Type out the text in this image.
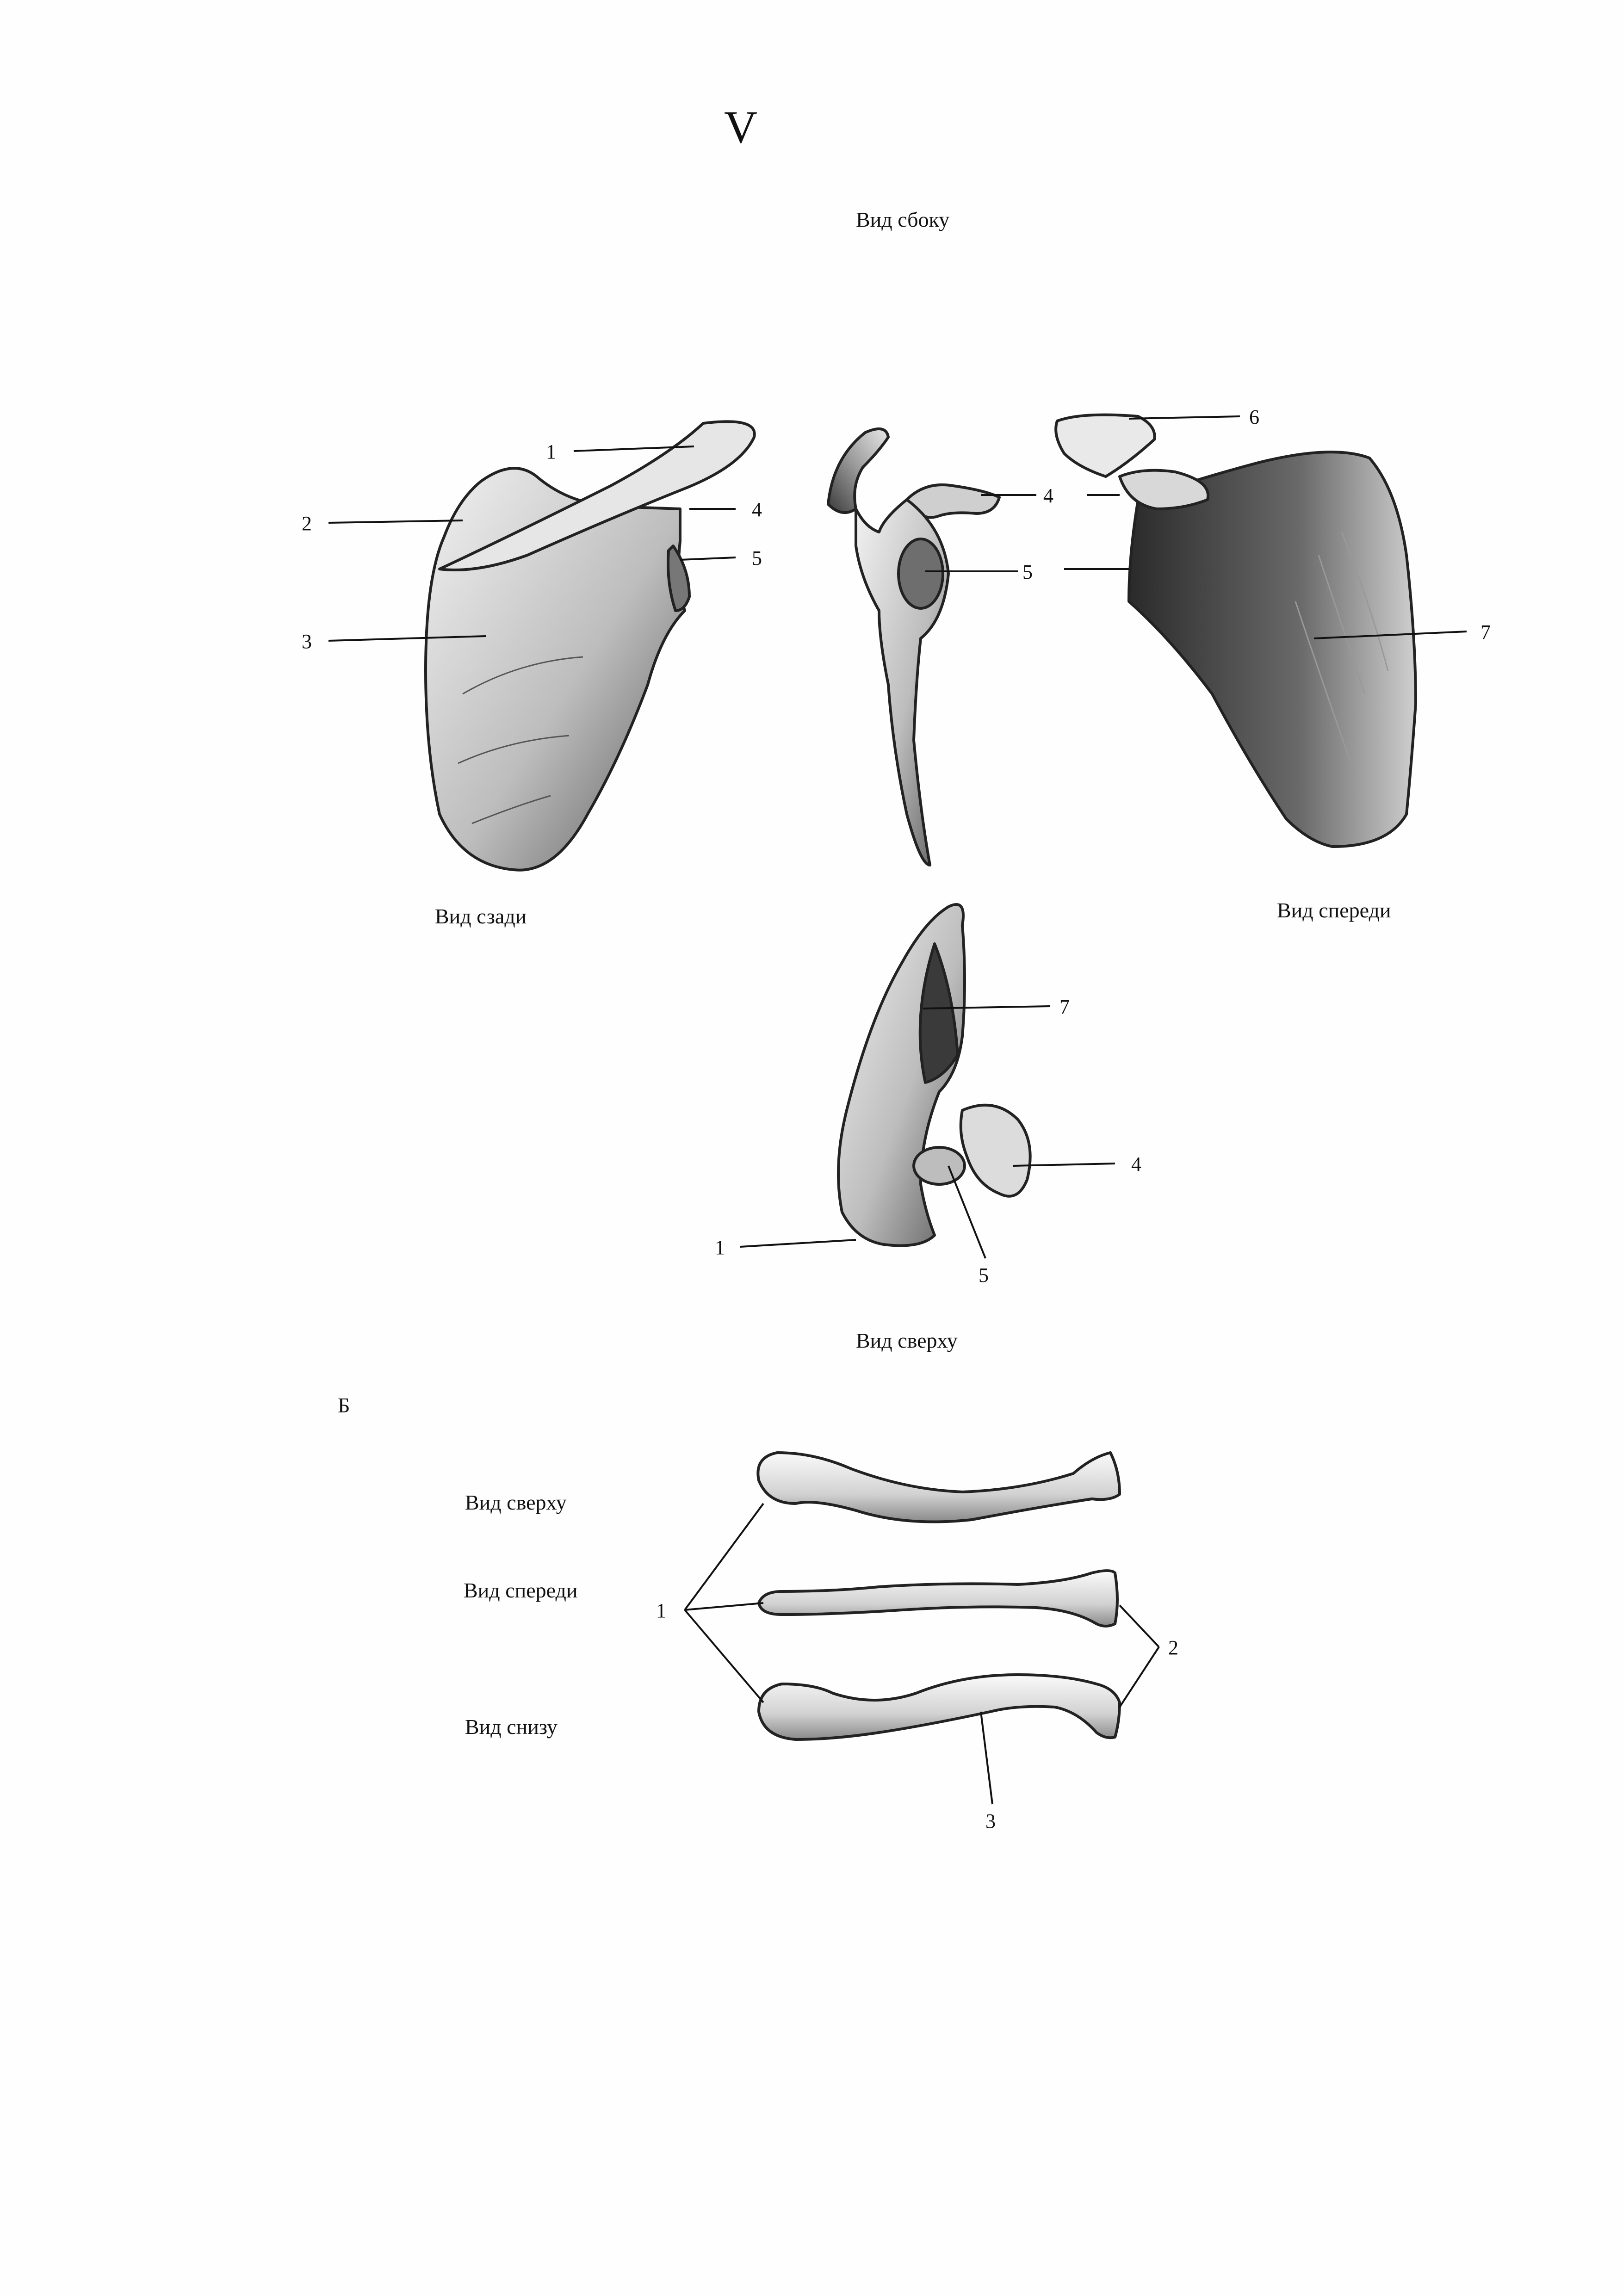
V
Вид сбоку
Вид сзади	Вид спереди
Вид сверху
1
2
3
4
5
4
5
6
7
7
4
1
5
Б
Вид сверху
Вид спереди
Вид снизу
1
2
3
